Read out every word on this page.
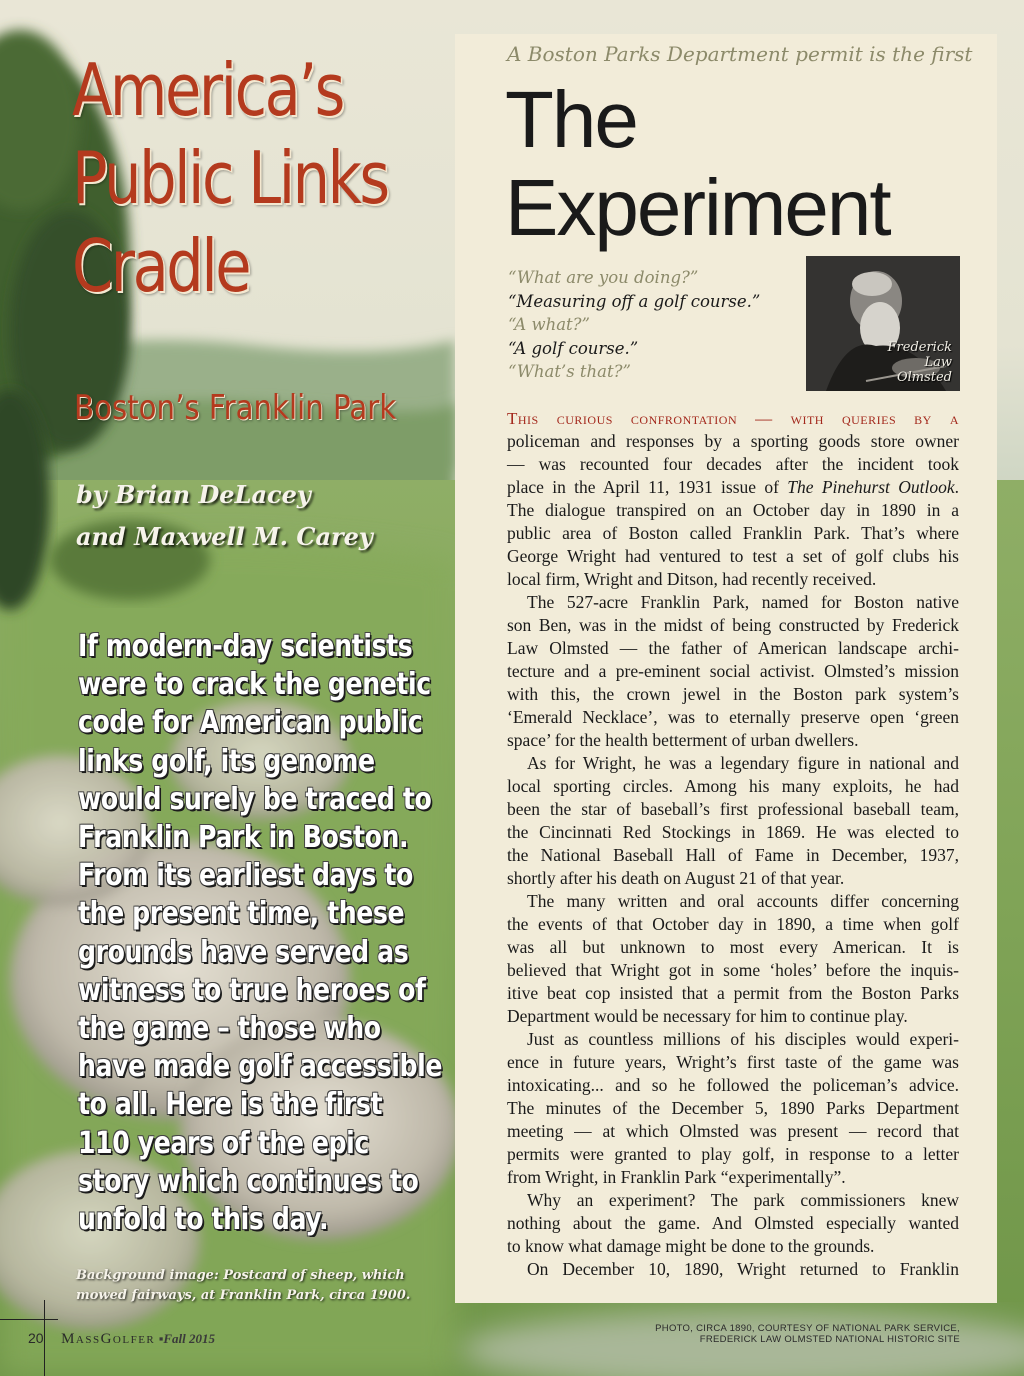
America’s
Public Links
Cradle
Boston’s Franklin Park
by Brian DeLacey
and Maxwell M. Carey
If modern-day scientists
were to crack the genetic
code for American public
links golf, its genome
would surely be traced to
Franklin Park in Boston.
From its earliest days to
the present time, these
grounds have served as
witness to true heroes of
the game – those who
have made golf accessible
to all. Here is the first
110 years of the epic
story which continues to
unfold to this day.
Background image: Postcard of sheep, which
mowed fairways, at Franklin Park, circa 1900.
20 MassGolfer ▪Fall 2015
A Boston Parks Department permit is the first
The
Experiment
“What are you doing?”
“Measuring off a golf course.”
“A what?”
“A golf course.”
“What’s that?”
Frederick
Law
Olmsted
This curious confrontation — with queries by a
policeman and responses by a sporting goods store owner
— was recounted four decades after the incident took
place in the April 11, 1931 issue of The Pinehurst Outlook.
The dialogue transpired on an October day in 1890 in a
public area of Boston called Franklin Park. That’s where
George Wright had ventured to test a set of golf clubs his
local firm, Wright and Ditson, had recently received.
The 527-acre Franklin Park, named for Boston native
son Ben, was in the midst of being constructed by Frederick
Law Olmsted — the father of American landscape archi-
tecture and a pre-eminent social activist. Olmsted’s mission
with this, the crown jewel in the Boston park system’s
‘Emerald Necklace’, was to eternally preserve open ‘green
space’ for the health betterment of urban dwellers.
As for Wright, he was a legendary figure in national and
local sporting circles. Among his many exploits, he had
been the star of baseball’s first professional baseball team,
the Cincinnati Red Stockings in 1869. He was elected to
the National Baseball Hall of Fame in December, 1937,
shortly after his death on August 21 of that year.
The many written and oral accounts differ concerning
the events of that October day in 1890, a time when golf
was all but unknown to most every American. It is
believed that Wright got in some ‘holes’ before the inquis-
itive beat cop insisted that a permit from the Boston Parks
Department would be necessary for him to continue play.
Just as countless millions of his disciples would experi-
ence in future years, Wright’s first taste of the game was
intoxicating... and so he followed the policeman’s advice.
The minutes of the December 5, 1890 Parks Department
meeting — at which Olmsted was present — record that
permits were granted to play golf, in response to a letter
from Wright, in Franklin Park “experimentally”.
Why an experiment? The park commissioners knew
nothing about the game. And Olmsted especially wanted
to know what damage might be done to the grounds.
On December 10, 1890, Wright returned to Franklin
PHOTO, CIRCA 1890, COURTESY OF NATIONAL PARK SERVICE,
FREDERICK LAW OLMSTED NATIONAL HISTORIC SITE
